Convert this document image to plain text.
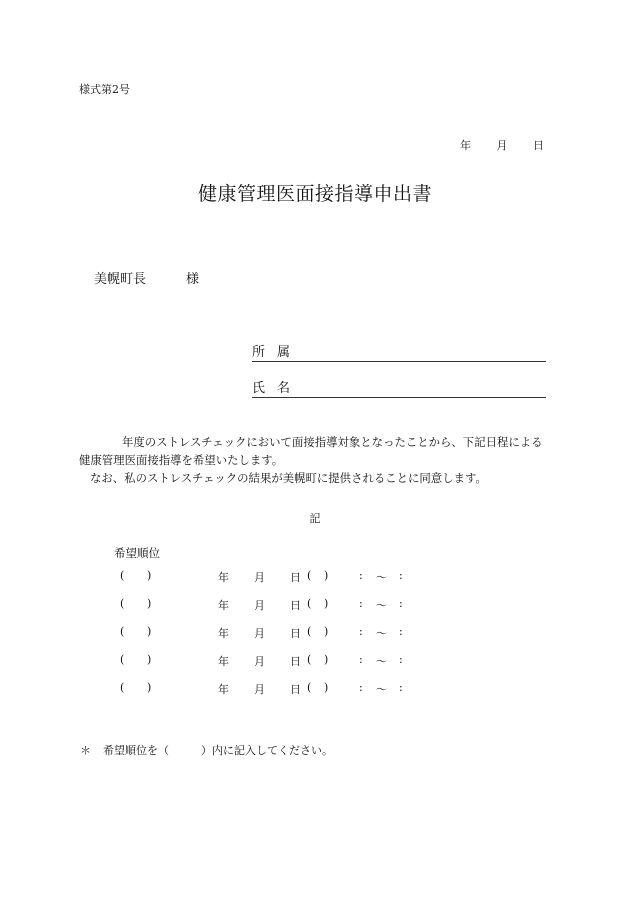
様式第2号
年 月 日
健康管理医面接指導申出書
美幌町長	様
所属
氏名
年度のストレスチェックにおいて面接指導対象となったことから、下記日程による健康管理医面接指導を希望いたします。
なお、私のストレスチェックの結果が美幌町に提供されることに同意します。
記
希望順位
( )	年 月 日 ( )	: 〜 :
( )	年 月 日 ( )	: 〜 :
( )	年 月 日 ( )	: 〜 :
( )	年 月 日 ( )	: 〜 :
( )	年 月 日 ( )	: 〜 :
＊ 希望順位を（	）内に記入してください。
